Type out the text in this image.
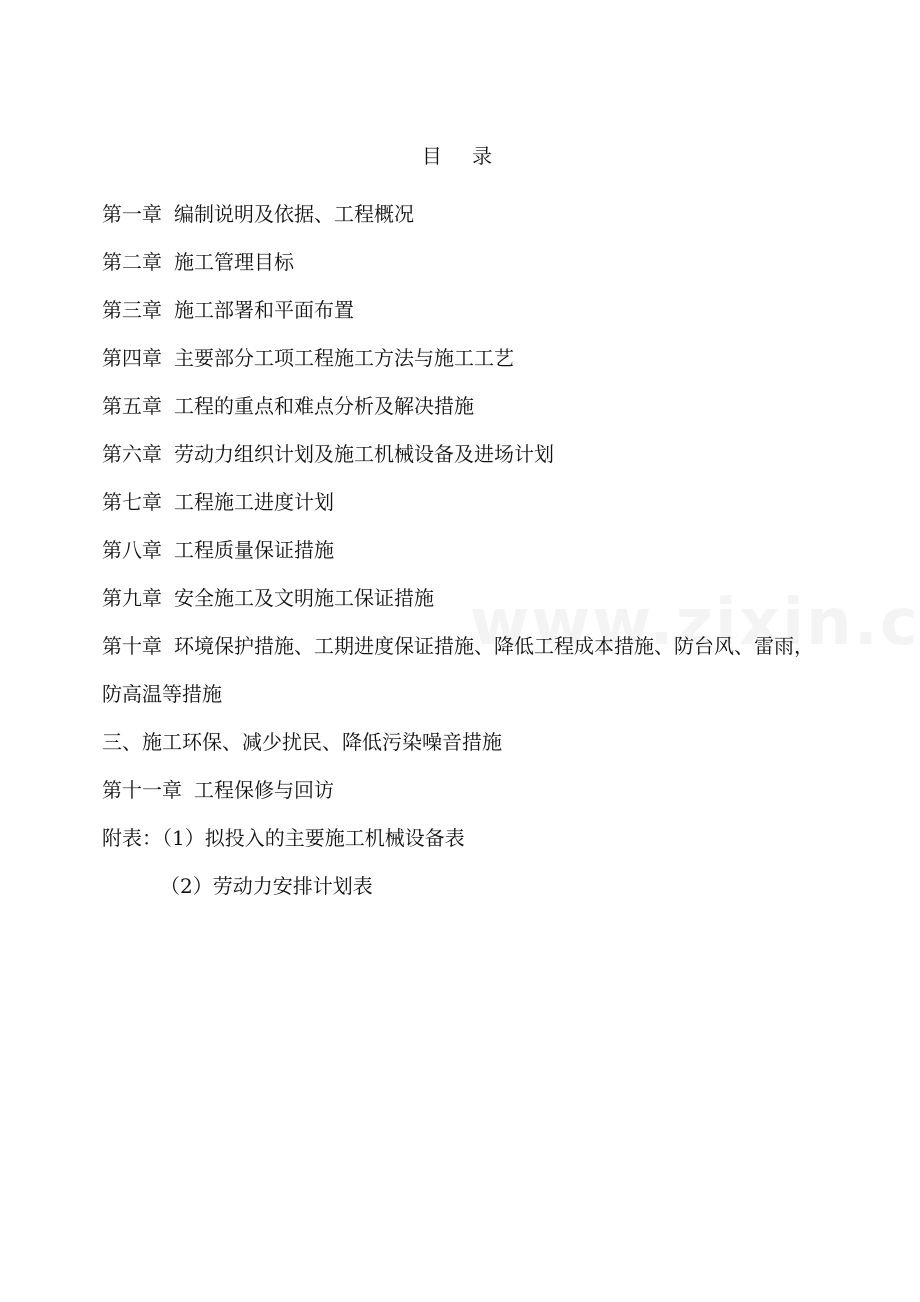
目 录
第一章 编制说明及依据、工程概况
第二章 施工管理目标
第三章 施工部署和平面布置
第四章 主要部分工项工程施工方法与施工工艺
第五章 工程的重点和难点分析及解决措施
第六章 劳动力组织计划及施工机械设备及进场计划
第七章 工程施工进度计划
第八章 工程质量保证措施
第九章 安全施工及文明施工保证措施
第十章 环境保护措施、工期进度保证措施、降低工程成本措施、防台风、雷雨，防高温等措施
三、施工环保、减少扰民、降低污染噪音措施
第十一章 工程保修与回访
附表：（1）拟投入的主要施工机械设备表
（2）劳动力安排计划表
